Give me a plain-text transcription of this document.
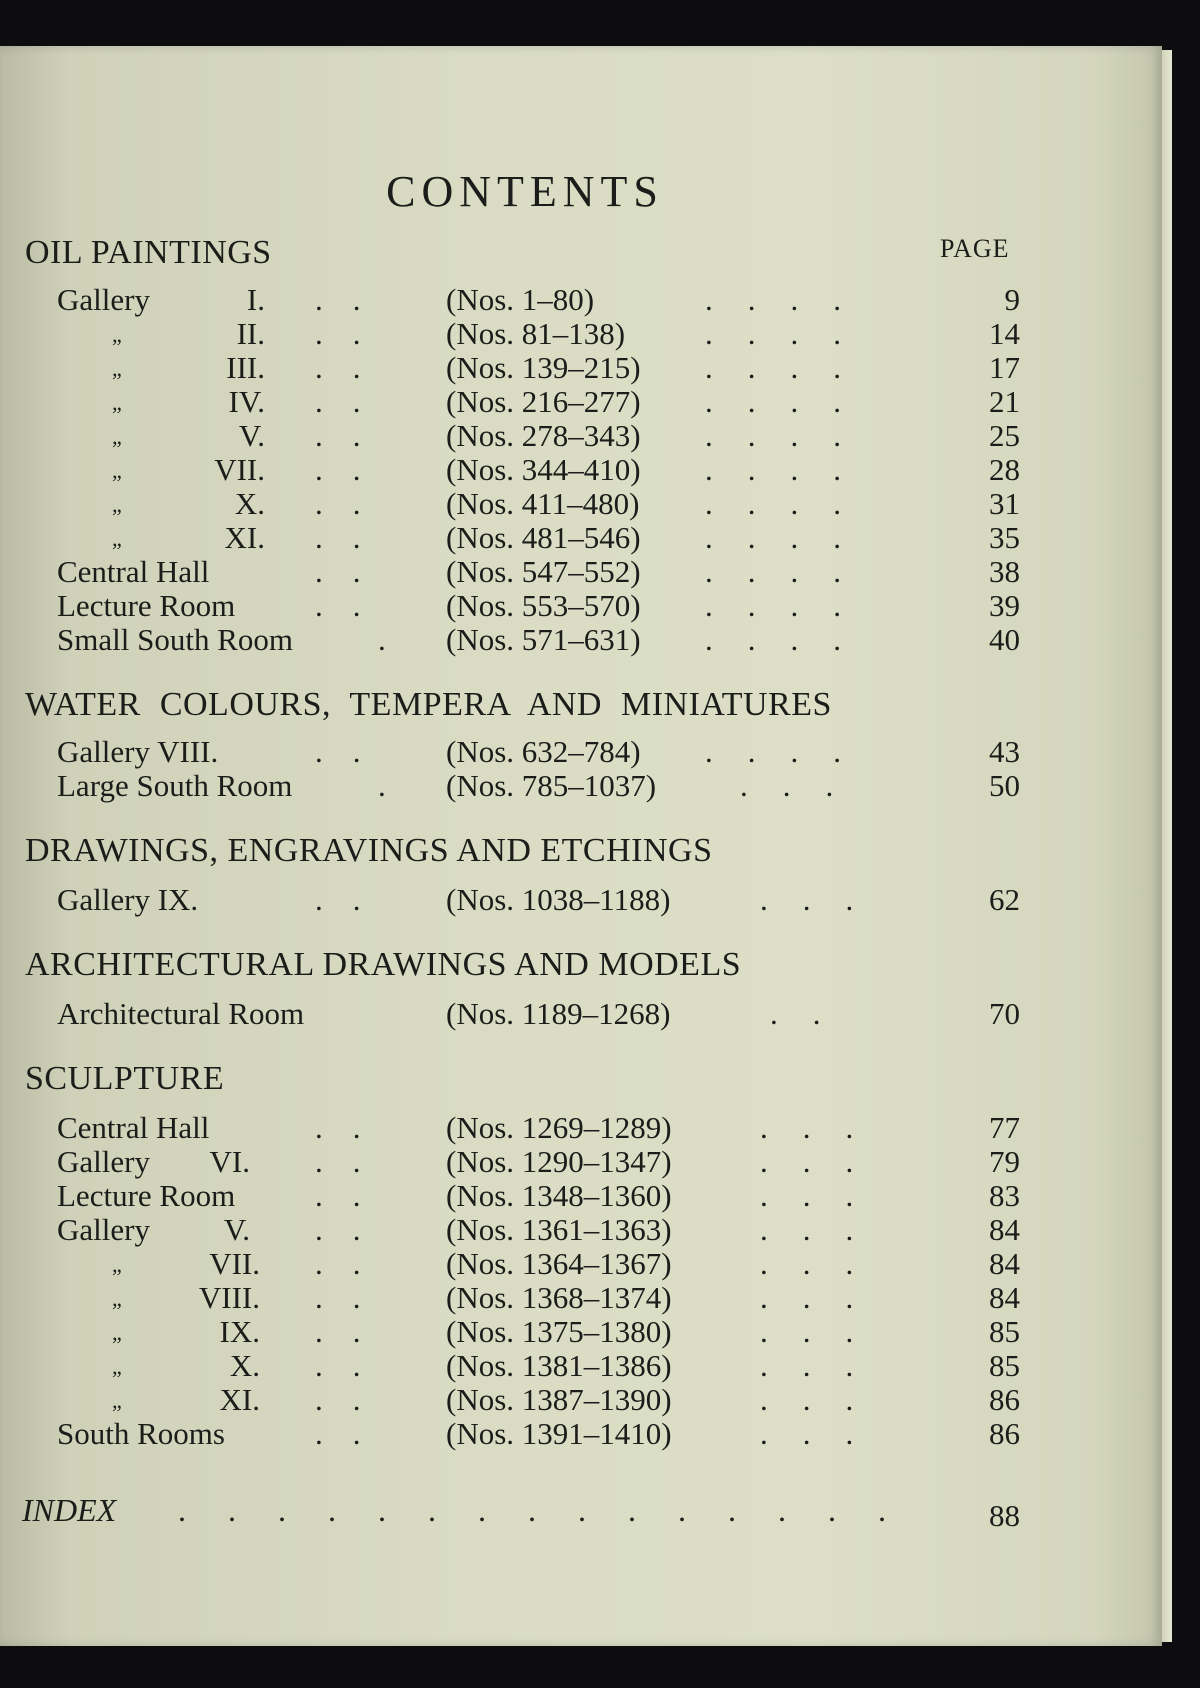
CONTENTS
PAGE
OIL PAINTINGS
Gallery	I. .. (Nos. 1–80)	....	9
„	II. .. (Nos. 81–138)	....	14
„	III. .. (Nos. 139–215) ....	17
„	IV. .. (Nos. 216–277) ....	21
„	V. .. (Nos. 278–343) ....	25
„	VII. .. (Nos. 344–410) ....	28
„	X. .. (Nos. 411–480) ....	31
„	XI. .. (Nos. 481–546) ....	35
Central Hall	.. (Nos. 547–552) ....	38
Lecture Room	.. (Nos. 553–570) ....	39
Small South Room	. (Nos. 571–631) ....	40
WATER COLOURS, TEMPERA AND MINIATURES
Gallery VIII.	.. (Nos. 632–784) ....	43
Large South Room	. (Nos. 785–1037)	...	50
DRAWINGS, ENGRAVINGS AND ETCHINGS
Gallery IX.	.. (Nos. 1038–1188)	...	62
ARCHITECTURAL DRAWINGS AND MODELS
Architectural Room	(Nos. 1189–1268)	..	70
SCULPTURE
Central Hall	.. (Nos. 1269–1289)	...	77
Gallery	VI. .. (Nos. 1290–1347)	...	79
Lecture Room	.. (Nos. 1348–1360)	...	83
Gallery	V. .. (Nos. 1361–1363)	...	84
„	VII. .. (Nos. 1364–1367)	...	84
„	VIII. .. (Nos. 1368–1374)	...	84
„	IX. .. (Nos. 1375–1380)	...	85
„	X. .. (Nos. 1381–1386)	...	85
„	XI. .. (Nos. 1387–1390)	...	86
South Rooms	.. (Nos. 1391–1410)	...	86
INDEX ...............	88
